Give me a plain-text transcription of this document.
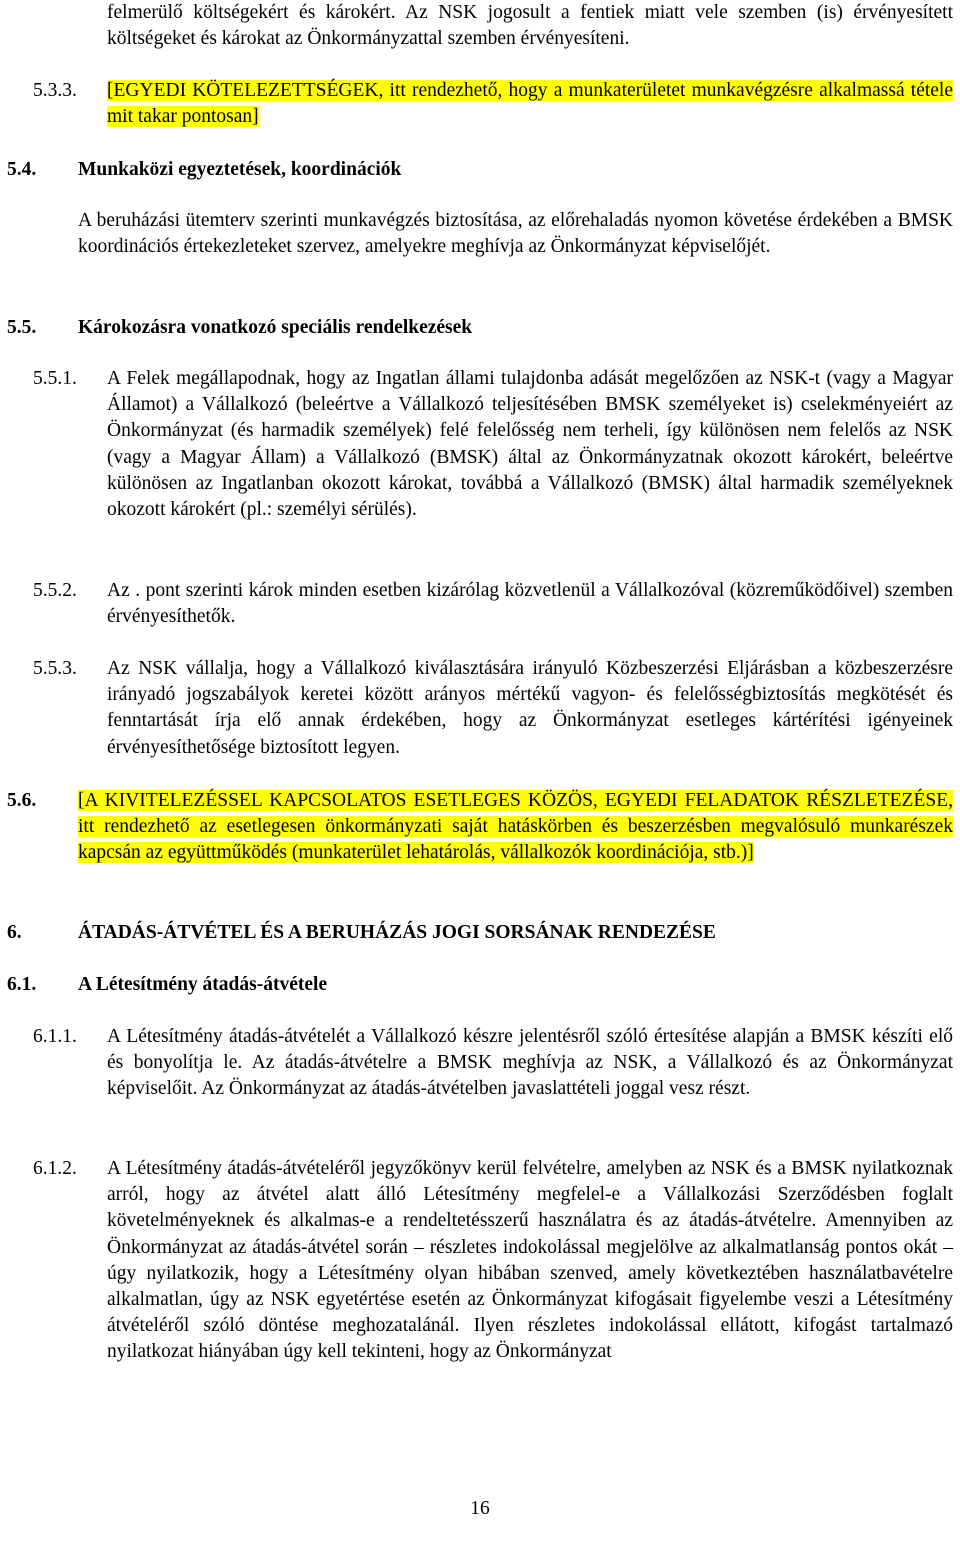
felmerülő költségekért és károkért. Az NSK jogosult a fentiek miatt vele szemben (is) érvényesített költségeket és károkat az Önkormányzattal szemben érvényesíteni.

5.3.3. [EGYEDI KÖTELEZETTSÉGEK, itt rendezhető, hogy a munkaterületet munkavégzésre alkalmassá tétele mit takar pontosan]

5.4. Munkaközi egyeztetések, koordinációk

A beruházási ütemterv szerinti munkavégzés biztosítása, az előrehaladás nyomon követése érdekében a BMSK koordinációs értekezleteket szervez, amelyekre meghívja az Önkormányzat képviselőjét.

5.5. Károkozásra vonatkozó speciális rendelkezések
5.5.1. A Felek megállapodnak, hogy az Ingatlan állami tulajdonba adását megelőzően az NSK-t (vagy a Magyar Államot) a Vállalkozó (beleértve a Vállalkozó teljesítésében BMSK személyeket is) cselekményeiért az Önkormányzat (és harmadik személyek) felé felelősség nem terheli, így különösen nem felelős az NSK (vagy a Magyar Állam) a Vállalkozó (BMSK) által az Önkormányzatnak okozott károkért, beleértve különösen az Ingatlanban okozott károkat, továbbá a Vállalkozó (BMSK) által harmadik személyeknek okozott károkért (pl.: személyi sérülés).

5.5.2. Az . pont szerinti károk minden esetben kizárólag közvetlenül a Vállalkozóval (közreműködőivel) szemben érvényesíthetők.

5.5.3. Az NSK vállalja, hogy a Vállalkozó kiválasztására irányuló Közbeszerzési Eljárásban a közbeszerzésre irányadó jogszabályok keretei között arányos mértékű vagyon- és felelősségbiztosítás megkötését és fenntartását írja elő annak érdekében, hogy az Önkormányzat esetleges kártérítési igényeinek érvényesíthetősége biztosított legyen.

5.6. [A KIVITELEZÉSSEL KAPCSOLATOS ESETLEGES KÖZÖS, EGYEDI FELADATOK RÉSZLETEZÉSE, itt rendezhető az esetlegesen önkormányzati saját hatáskörben és beszerzésben megvalósuló munkarészek kapcsán az együttműködés (munkaterület lehatárolás, vállalkozók koordinációja, stb.)]

6.	ÁTADÁS-ÁTVÉTEL ÉS A BERUHÁZÁS JOGI SORSÁNAK RENDEZÉSE
6.1. A Létesítmény átadás-átvétele
6.1.1. A Létesítmény átadás-átvételét a Vállalkozó készre jelentésről szóló értesítése alapján a BMSK készíti elő és bonyolítja le. Az átadás-átvételre a BMSK meghívja az NSK, a Vállalkozó és az Önkormányzat képviselőit. Az Önkormányzat az átadás-átvételben javaslattételi joggal vesz részt.

6.1.2. A Létesítmény átadás-átvételéről jegyzőkönyv kerül felvételre, amelyben az NSK és a BMSK nyilatkoznak arról, hogy az átvétel alatt álló Létesítmény megfelel-e a Vállalkozási Szerződésben foglalt követelményeknek és alkalmas-e a rendeltetésszerű használatra és az átadás-átvételre. Amennyiben az Önkormányzat az átadás-átvétel során – részletes indokolással megjelölve az alkalmatlanság pontos okát – úgy nyilatkozik, hogy a Létesítmény olyan hibában szenved, amely következtében használatbavételre alkalmatlan, úgy az NSK egyetértése esetén az Önkormányzat kifogásait figyelembe veszi a Létesítmény átvételéről szóló döntése meghozatalánál. Ilyen részletes indokolással ellátott, kifogást tartalmazó nyilatkozat hiányában úgy kell tekinteni, hogy az Önkormányzat

16
